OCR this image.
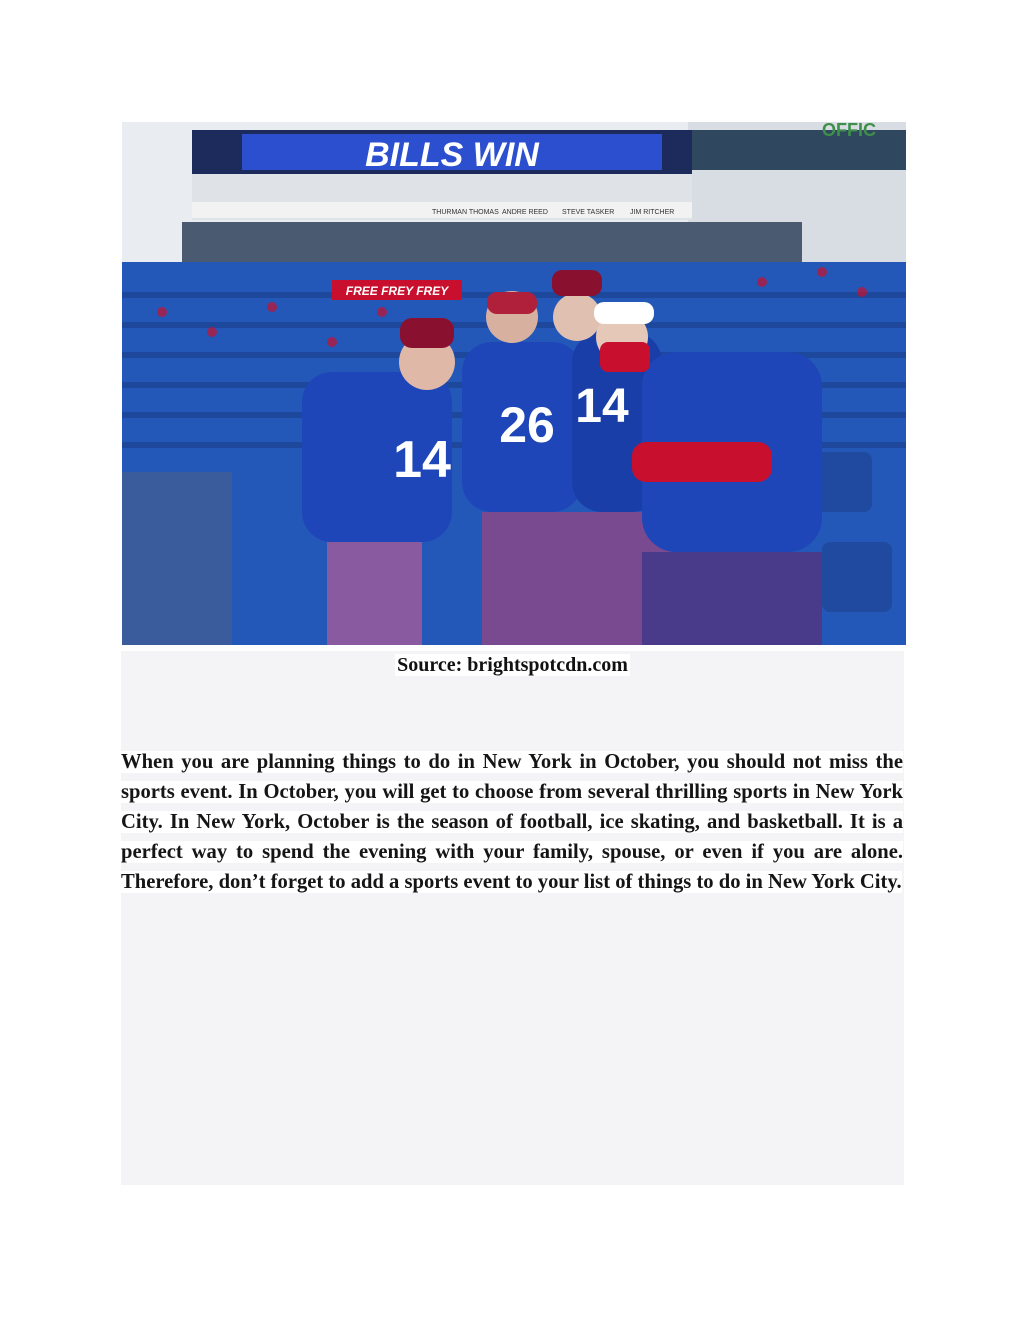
OFFIC
BILLS WIN
THURMAN THOMAS ANDRE REED STEVE TASKER JIM RITCHER
FREE FREY FREY
14
26 14
Source: brightspotcdn.com

When you are planning things to do in New York in October, you should not miss the sports event. In October, you will get to choose from several thrilling sports in New York City. In New York, October is the season of football, ice skating, and basketball. It is a perfect way to spend the evening with your family, spouse, or even if you are alone. Therefore, don’t forget to add a sports event to your list of things to do in New York City.
